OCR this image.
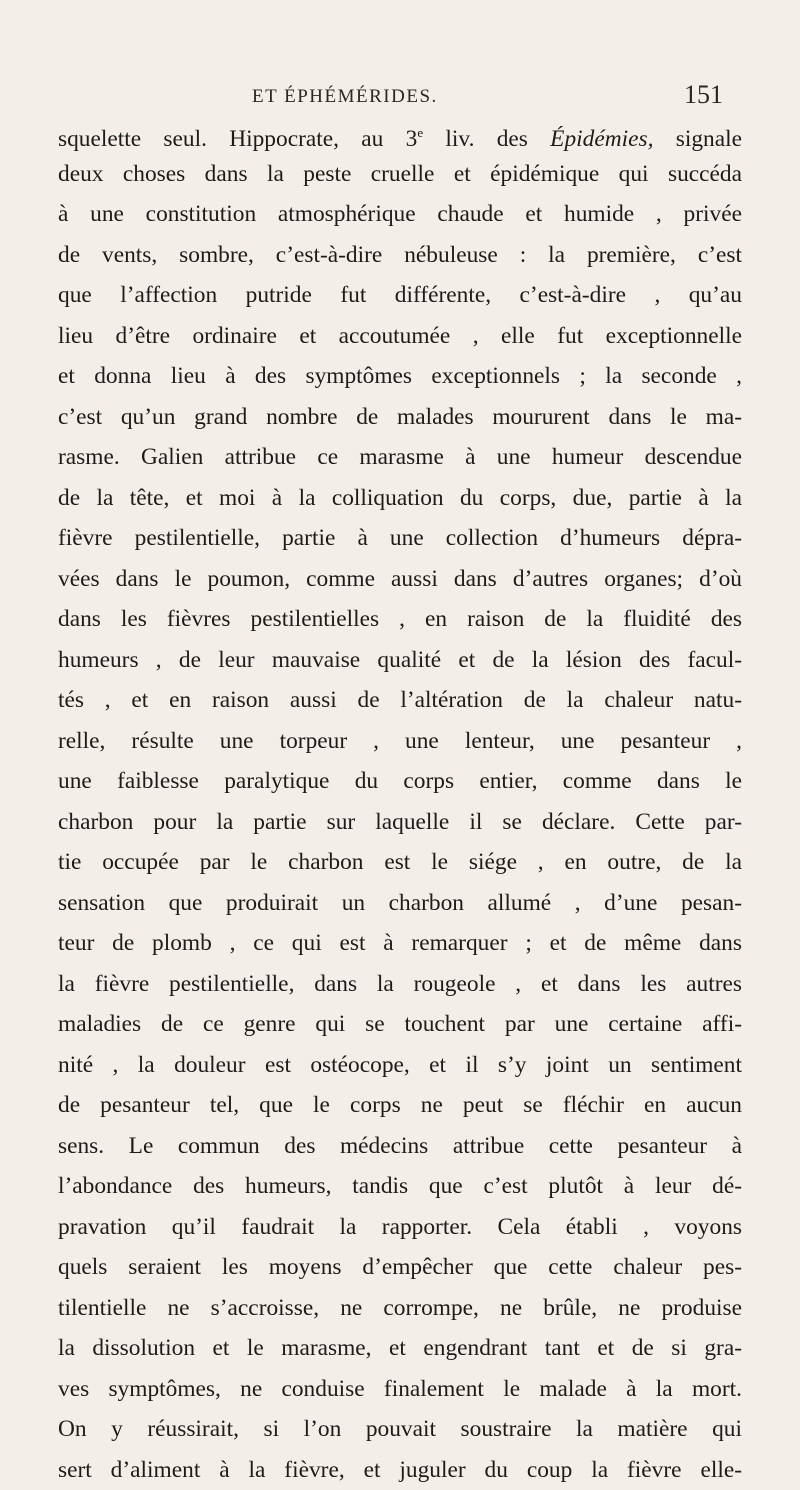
ET ÉPHÉMÉRIDES.	151
squelette seul. Hippocrate, au 3e liv. des Épidémies, signale
deux choses dans la peste cruelle et épidémique qui succéda
à une constitution atmosphérique chaude et humide , privée
de vents, sombre, c’est-à-dire nébuleuse : la première, c’est
que l’affection putride fut différente, c’est-à-dire , qu’au
lieu d’être ordinaire et accoutumée , elle fut exceptionnelle
et donna lieu à des symptômes exceptionnels ; la seconde ,
c’est qu’un grand nombre de malades moururent dans le ma-
rasme. Galien attribue ce marasme à une humeur descendue
de la tête, et moi à la colliquation du corps, due, partie à la
fièvre pestilentielle, partie à une collection d’humeurs dépra-
vées dans le poumon, comme aussi dans d’autres organes; d’où
dans les fièvres pestilentielles , en raison de la fluidité des
humeurs , de leur mauvaise qualité et de la lésion des facul-
tés , et en raison aussi de l’altération de la chaleur natu-
relle, résulte une torpeur , une lenteur, une pesanteur ,
une faiblesse paralytique du corps entier, comme dans le
charbon pour la partie sur laquelle il se déclare. Cette par-
tie occupée par le charbon est le siége , en outre, de la
sensation que produirait un charbon allumé , d’une pesan-
teur de plomb , ce qui est à remarquer ; et de même dans
la fièvre pestilentielle, dans la rougeole , et dans les autres
maladies de ce genre qui se touchent par une certaine affi-
nité , la douleur est ostéocope, et il s’y joint un sentiment
de pesanteur tel, que le corps ne peut se fléchir en aucun
sens. Le commun des médecins attribue cette pesanteur à
l’abondance des humeurs, tandis que c’est plutôt à leur dé-
pravation qu’il faudrait la rapporter. Cela établi , voyons
quels seraient les moyens d’empêcher que cette chaleur pes-
tilentielle ne s’accroisse, ne corrompe, ne brûle, ne produise
la dissolution et le marasme, et engendrant tant et de si gra-
ves symptômes, ne conduise finalement le malade à la mort.
On y réussirait, si l’on pouvait soustraire la matière qui
sert d’aliment à la fièvre, et juguler du coup la fièvre elle-
